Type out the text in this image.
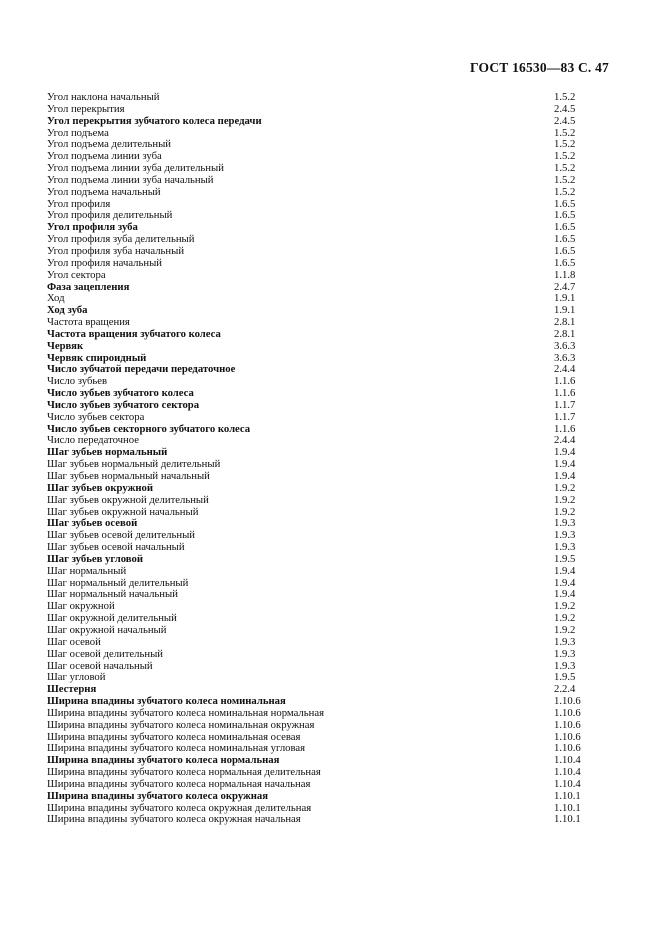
ГОСТ 16530—83 С. 47
Угол наклона начальный	1.5.2
Угол перекрытия	2.4.5
Угол перекрытия зубчатого колеса передачи	2.4.5
Угол подъема	1.5.2
Угол подъема делительный	1.5.2
Угол подъема линии зуба	1.5.2
Угол подъема линии зуба делительный	1.5.2
Угол подъема линии зуба начальный	1.5.2
Угол подъема начальный	1.5.2
Угол профиля	1.6.5
Угол профиля делительный	1.6.5
Угол профиля зуба	1.6.5
Угол профиля зуба делительный	1.6.5
Угол профиля зуба начальный	1.6.5
Угол профиля начальный	1.6.5
Угол сектора	1.1.8
Фаза зацепления	2.4.7
Ход	1.9.1
Ход зуба	1.9.1
Частота вращения	2.8.1
Частота вращения зубчатого колеса	2.8.1
Червяк	3.6.3
Червяк спироидный	3.6.3
Число зубчатой передачи передаточное	2.4.4
Число зубьев	1.1.6
Число зубьев зубчатого колеса	1.1.6
Число зубьев зубчатого сектора	1.1.7
Число зубьев сектора	1.1.7
Число зубьев секторного зубчатого колеса	1.1.6
Число передаточное	2.4.4
Шаг зубьев нормальный	1.9.4
Шаг зубьев нормальный делительный	1.9.4
Шаг зубьев нормальный начальный	1.9.4
Шаг зубьев окружной	1.9.2
Шаг зубьев окружной делительный	1.9.2
Шаг зубьев окружной начальный	1.9.2
Шаг зубьев осевой	1.9.3
Шаг зубьев осевой делительный	1.9.3
Шаг зубьев осевой начальный	1.9.3
Шаг зубьев угловой	1.9.5
Шаг нормальный	1.9.4
Шаг нормальный делительный	1.9.4
Шаг нормальный начальный	1.9.4
Шаг окружной	1.9.2
Шаг окружной делительный	1.9.2
Шаг окружной начальный	1.9.2
Шаг осевой	1.9.3
Шаг осевой делительный	1.9.3
Шаг осевой начальный	1.9.3
Шаг угловой	1.9.5
Шестерня	2.2.4
Ширина впадины зубчатого колеса номинальная	1.10.6
Ширина впадины зубчатого колеса номинальная нормальная	1.10.6
Ширина впадины зубчатого колеса номинальная окружная	1.10.6
Ширина впадины зубчатого колеса номинальная осевая	1.10.6
Ширина впадины зубчатого колеса номинальная угловая	1.10.6
Ширина впадины зубчатого колеса нормальная	1.10.4
Ширина впадины зубчатого колеса нормальная делительная	1.10.4
Ширина впадины зубчатого колеса нормальная начальная	1.10.4
Ширина впадины зубчатого колеса окружная	1.10.1
Ширина впадины зубчатого колеса окружная делительная	1.10.1
Ширина впадины зубчатого колеса окружная начальная	1.10.1
